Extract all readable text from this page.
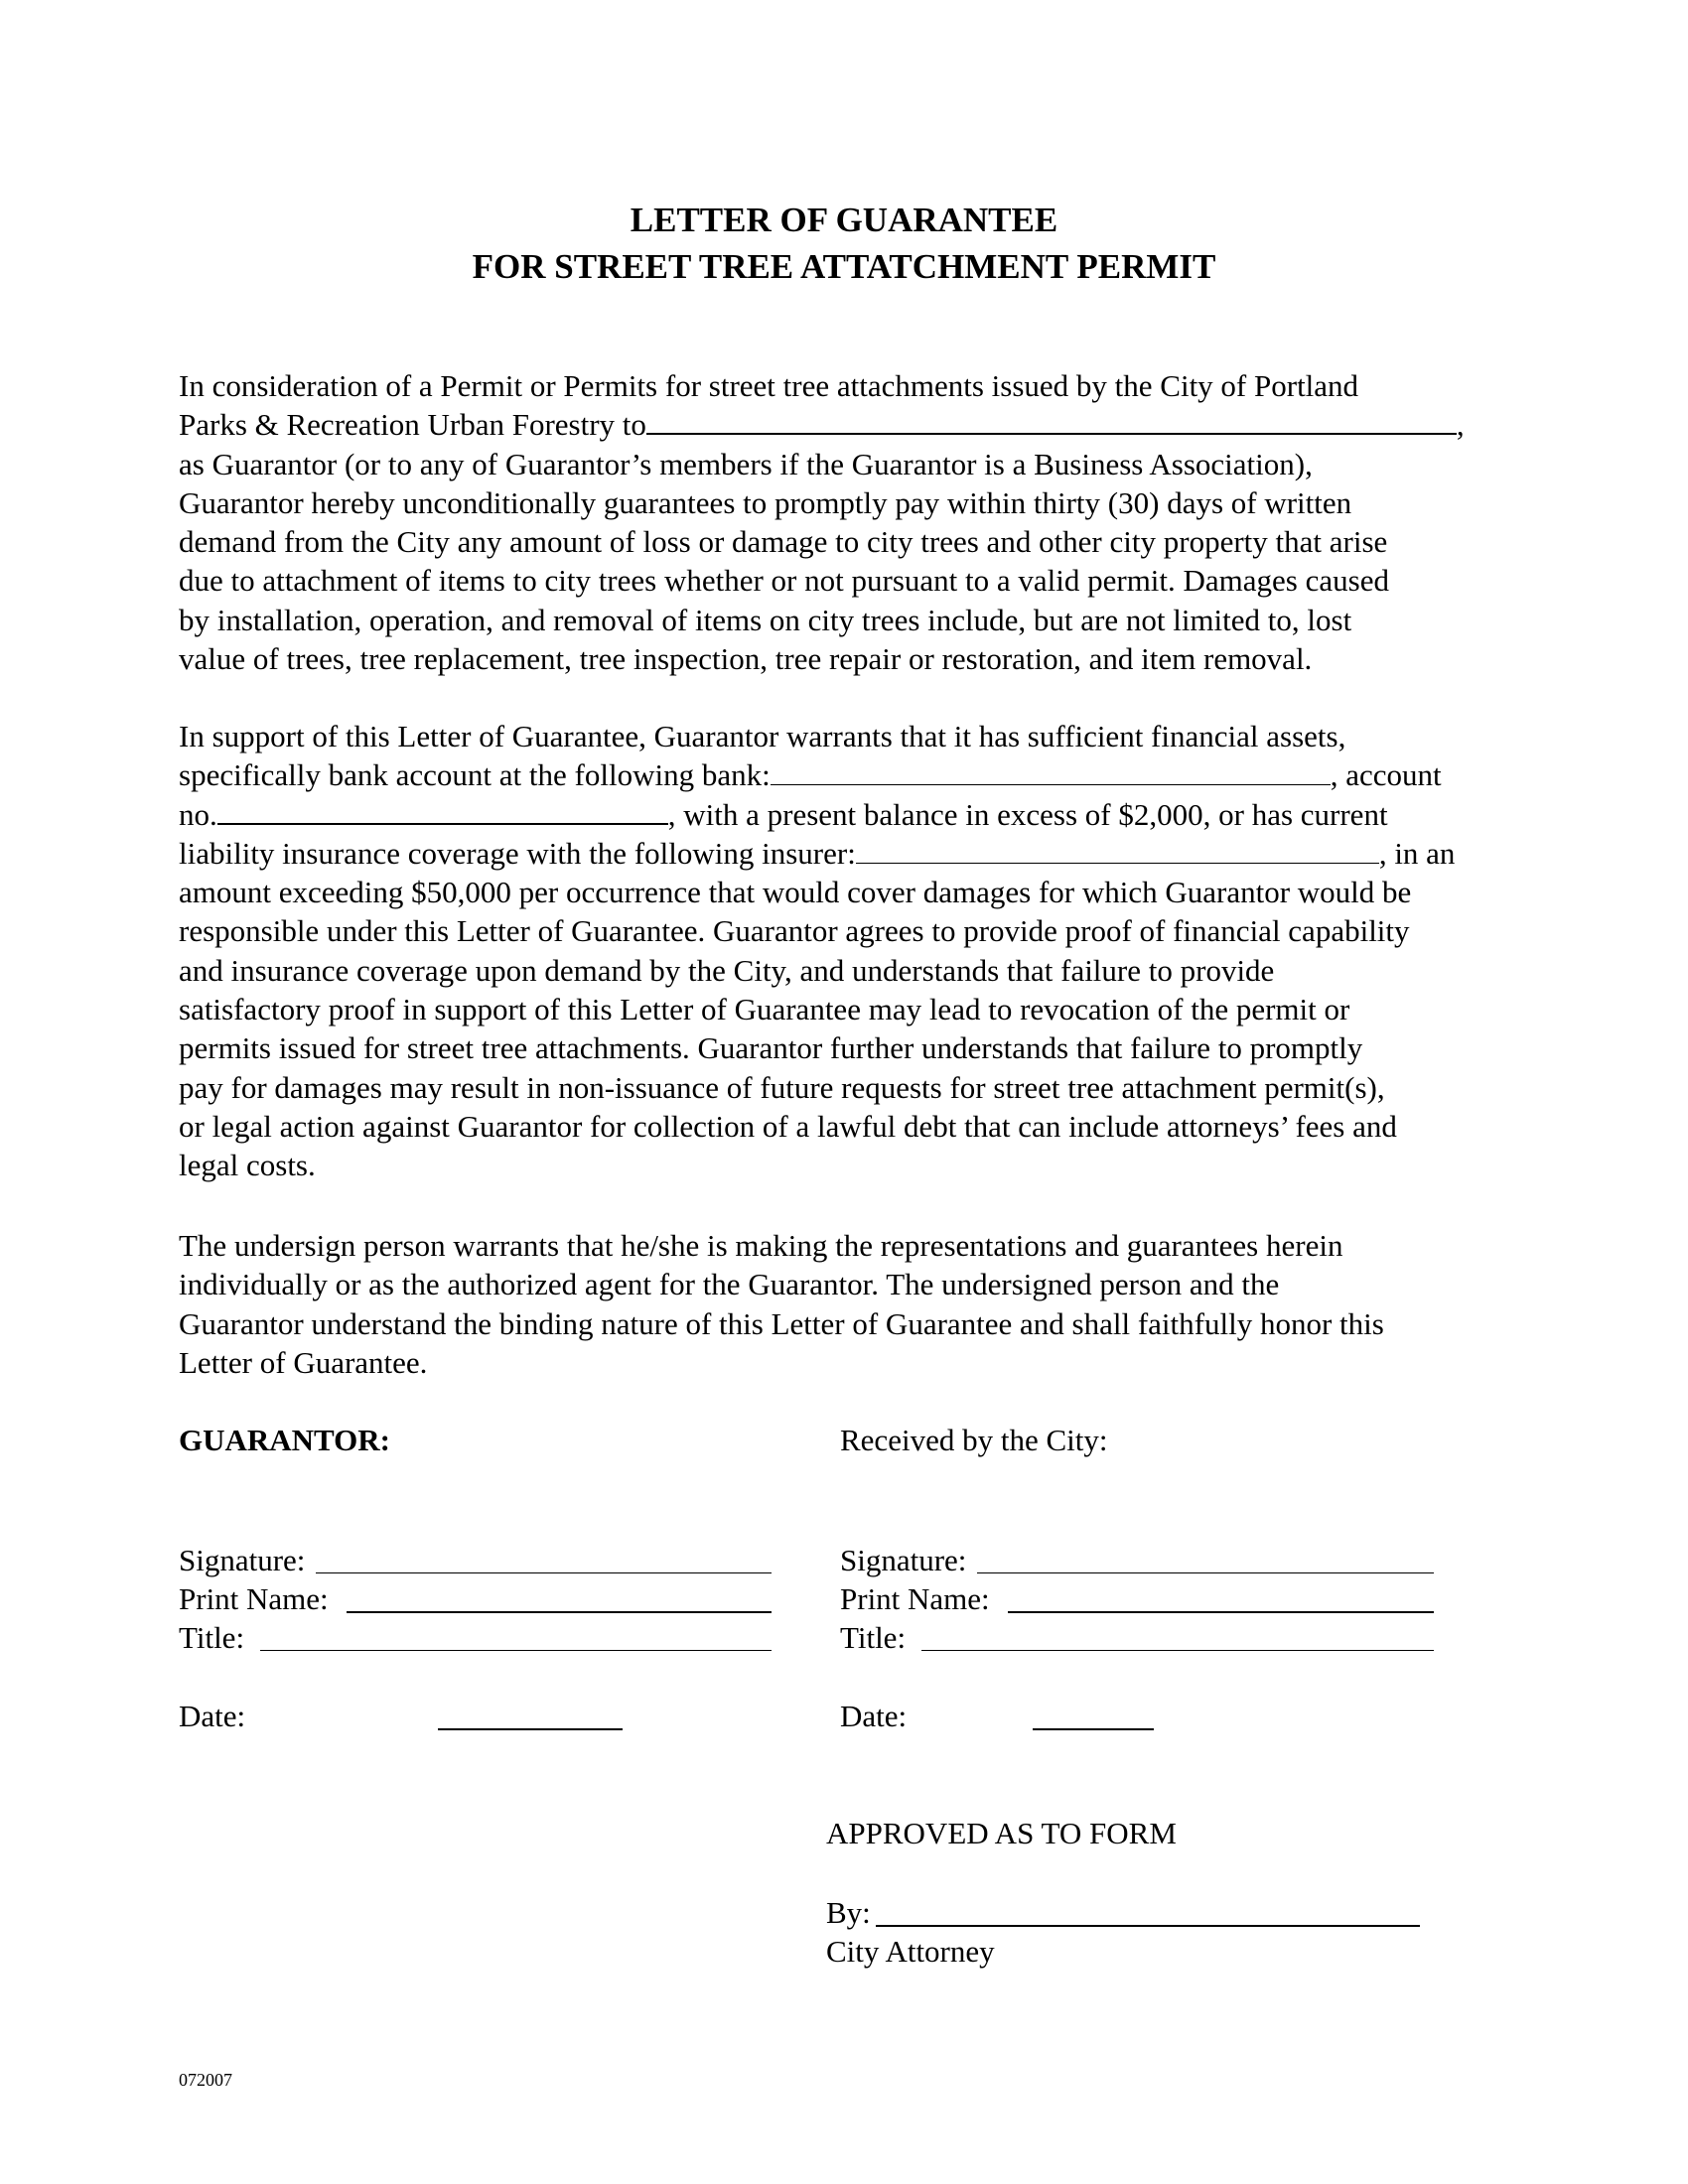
LETTER OF GUARANTEE
FOR STREET TREE ATTATCHMENT PERMIT
In consideration of a Permit or Permits for street tree attachments issued by the City of Portland
Parks & Recreation Urban Forestry to	,
as Guarantor (or to any of Guarantor’s members if the Guarantor is a Business Association),
Guarantor hereby unconditionally guarantees to promptly pay within thirty (30) days of written
demand from the City any amount of loss or damage to city trees and other city property that arise
due to attachment of items to city trees whether or not pursuant to a valid permit. Damages caused
by installation, operation, and removal of items on city trees include, but are not limited to, lost
value of trees, tree replacement, tree inspection, tree repair or restoration, and item removal.
In support of this Letter of Guarantee, Guarantor warrants that it has sufficient financial assets,
specifically bank account at the following bank:	, account
no.	, with a present balance in excess of $2,000, or has current
liability insurance coverage with the following insurer:	, in an
amount exceeding $50,000 per occurrence that would cover damages for which Guarantor would be
responsible under this Letter of Guarantee. Guarantor agrees to provide proof of financial capability
and insurance coverage upon demand by the City, and understands that failure to provide
satisfactory proof in support of this Letter of Guarantee may lead to revocation of the permit or
permits issued for street tree attachments. Guarantor further understands that failure to promptly
pay for damages may result in non-issuance of future requests for street tree attachment permit(s),
or legal action against Guarantor for collection of a lawful debt that can include attorneys’ fees and
legal costs.
The undersign person warrants that he/she is making the representations and guarantees herein
individually or as the authorized agent for the Guarantor. The undersigned person and the
Guarantor understand the binding nature of this Letter of Guarantee and shall faithfully honor this
Letter of Guarantee.
GUARANTOR:
Signature:
Print Name:
Title:
Date:
Received by the City:
Signature:
Print Name:
Title:
Date:
APPROVED AS TO FORM
By:
City Attorney
072007
